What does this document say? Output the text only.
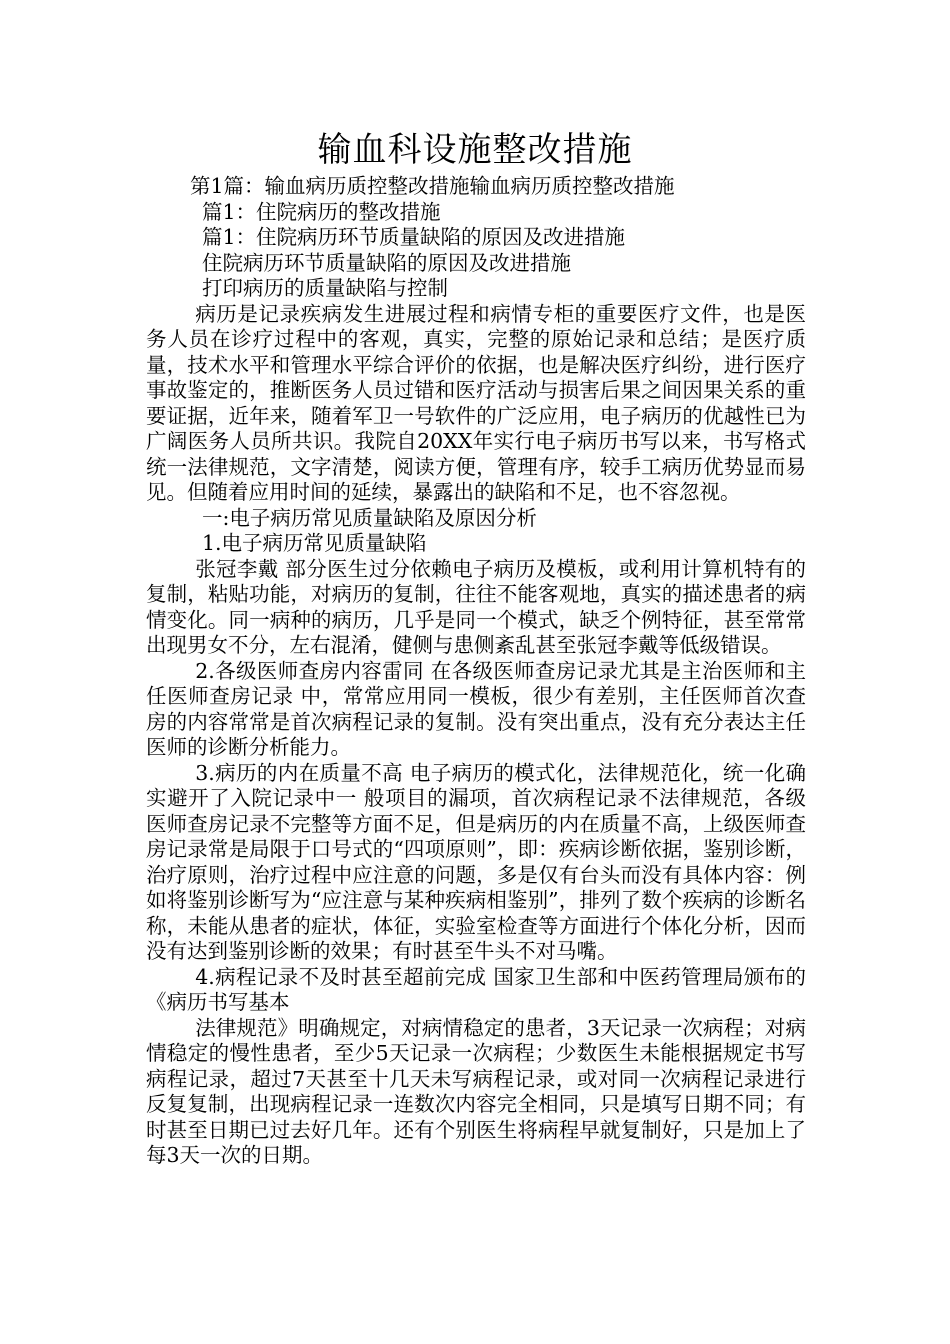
输血科设施整改措施

第1篇：输血病历质控整改措施输血病历质控整改措施

篇1：住院病历的整改措施

篇1：住院病历环节质量缺陷的原因及改进措施

住院病历环节质量缺陷的原因及改进措施

打印病历的质量缺陷与控制

病历是记录疾病发生进展过程和病情专柜的重要医疗文件，也是医务人员在诊疗过程中的客观，真实，完整的原始记录和总结；是医疗质量，技术水平和管理水平综合评价的依据，也是解决医疗纠纷，进行医疗事故鉴定的，推断医务人员过错和医疗活动与损害后果之间因果关系的重要证据，近年来，随着军卫一号软件的广泛应用，电子病历的优越性已为广阔医务人员所共识。我院自20XX年实行电子病历书写以来，书写格式统一法律规范，文字清楚，阅读方便，管理有序，较手工病历优势显而易见。但随着应用时间的延续，暴露出的缺陷和不足，也不容忽视。

一:电子病历常见质量缺陷及原因分析

1.电子病历常见质量缺陷

张冠李戴 部分医生过分依赖电子病历及模板，或利用计算机特有的复制，粘贴功能，对病历的复制，往往不能客观地，真实的描述患者的病情变化。同一病种的病历，几乎是同一个模式，缺乏个例特征，甚至常常出现男女不分，左右混淆，健侧与患侧紊乱甚至张冠李戴等低级错误。

2.各级医师查房内容雷同 在各级医师查房记录尤其是主治医师和主任医师查房记录 中，常常应用同一模板，很少有差别，主任医师首次查房的内容常常是首次病程记录的复制。没有突出重点，没有充分表达主任医师的诊断分析能力。

3.病历的内在质量不高 电子病历的模式化，法律规范化，统一化确实避开了入院记录中一 般项目的漏项，首次病程记录不法律规范，各级医师查房记录不完整等方面不足，但是病历的内在质量不高，上级医师查房记录常是局限于口号式的“四项原则”，即：疾病诊断依据，鉴别诊断，治疗原则，治疗过程中应注意的问题，多是仅有台头而没有具体内容：例如将鉴别诊断写为“应注意与某种疾病相鉴别”，排列了数个疾病的诊断名称，未能从患者的症状，体征，实验室检查等方面进行个体化分析，因而没有达到鉴别诊断的效果；有时甚至牛头不对马嘴。

4.病程记录不及时甚至超前完成 国家卫生部和中医药管理局颁布的《病历书写基本

法律规范》明确规定，对病情稳定的患者，3天记录一次病程；对病情稳定的慢性患者，至少5天记录一次病程；少数医生未能根据规定书写病程记录，超过7天甚至十几天未写病程记录，或对同一次病程记录进行反复复制，出现病程记录一连数次内容完全相同，只是填写日期不同；有时甚至日期已过去好几年。还有个别医生将病程早就复制好，只是加上了每3天一次的日期。
